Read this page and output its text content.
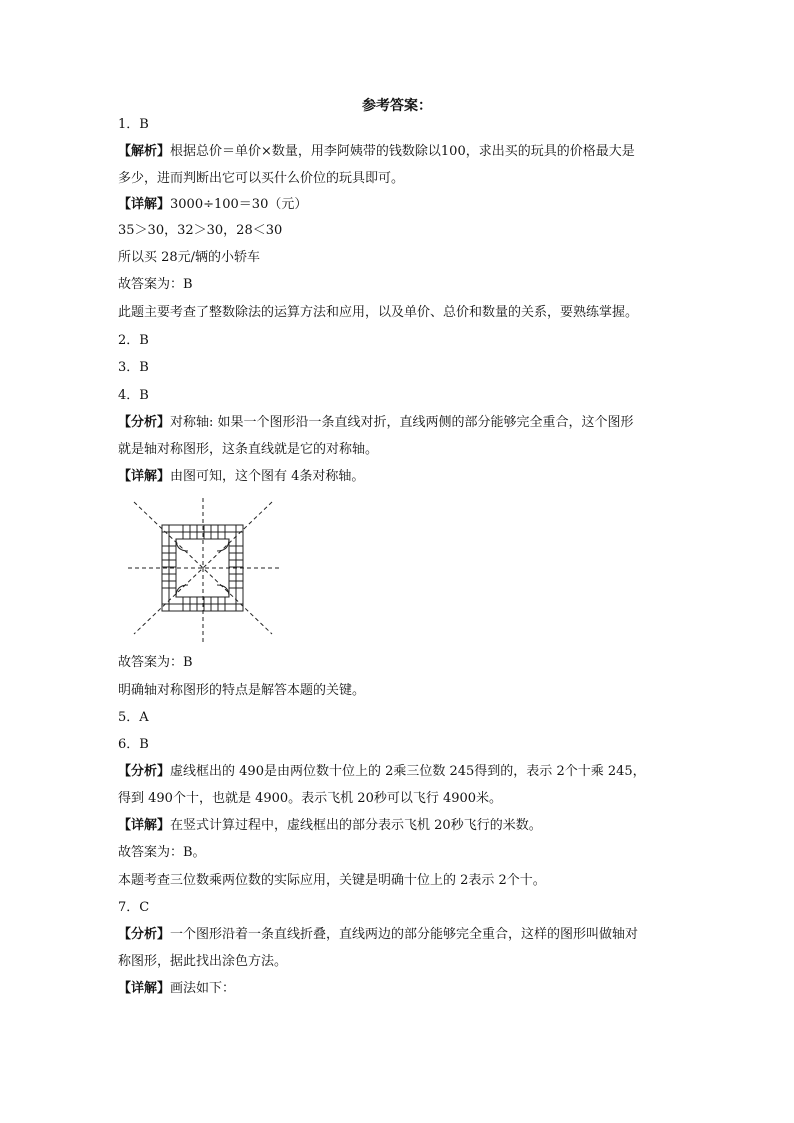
参考答案：
1．B
【解析】根据总价＝单价×数量，用李阿姨带的钱数除以100，求出买的玩具的价格最大是
多少，进而判断出它可以买什么价位的玩具即可。
【详解】3000÷100＝30（元）
35＞30，32＞30，28＜30
所以买 28元/辆的小轿车
故答案为：B
此题主要考查了整数除法的运算方法和应用，以及单价、总价和数量的关系，要熟练掌握。
2．B
3．B
4．B
【分析】对称轴: 如果一个图形沿一条直线对折，直线两侧的部分能够完全重合，这个图形
就是轴对称图形，这条直线就是它的对称轴。
【详解】由图可知，这个图有 4条对称轴。
故答案为：B
明确轴对称图形的特点是解答本题的关键。
5．A
6．B
【分析】虚线框出的 490是由两位数十位上的 2乘三位数 245得到的，表示 2个十乘 245，
得到 490个十，也就是 4900。表示飞机 20秒可以飞行 4900米。
【详解】在竖式计算过程中，虚线框出的部分表示飞机 20秒飞行的米数。
故答案为：B。
本题考查三位数乘两位数的实际应用，关键是明确十位上的 2表示 2个十。
7．C
【分析】一个图形沿着一条直线折叠，直线两边的部分能够完全重合，这样的图形叫做轴对
称图形，据此找出涂色方法。
【详解】画法如下：
